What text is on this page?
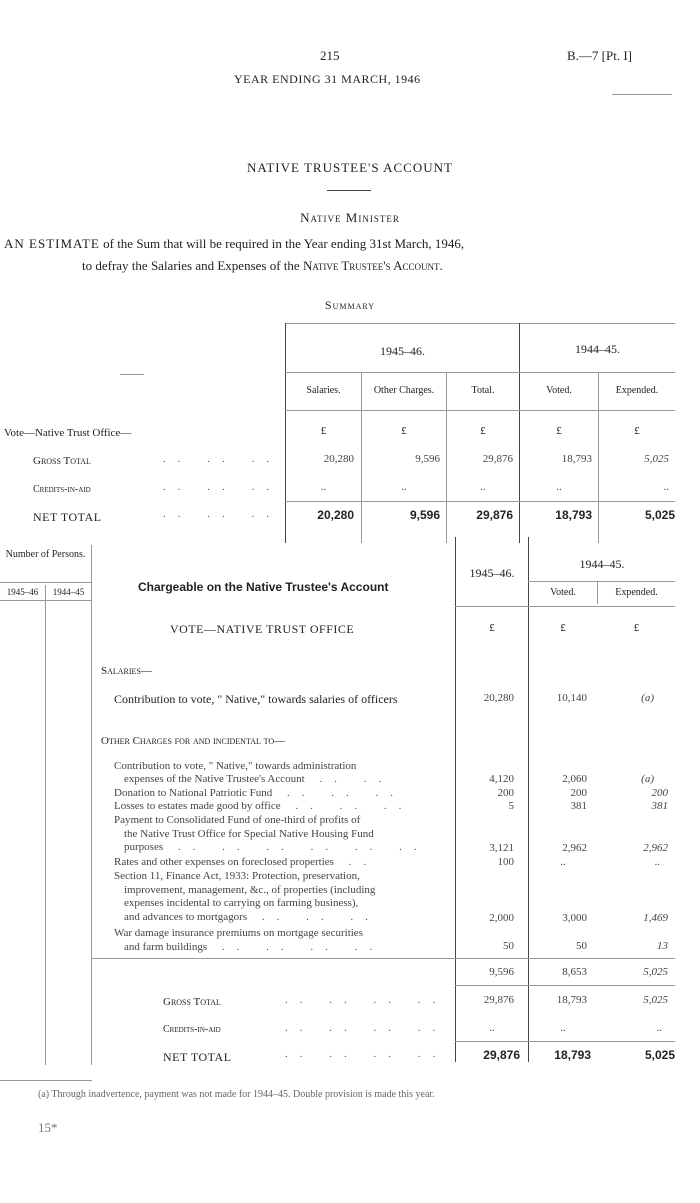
215	B.—7 [Pt. I]
YEAR ENDING 31 MARCH, 1946
NATIVE TRUSTEE'S ACCOUNT
Native Minister
AN ESTIMATE of the Sum that will be required in the Year ending 31st March, 1946,
to defray the Salaries and Expenses of the Native Trustee's Account.
Summary
1945–46.	1944–45.
Salaries.	Other Charges.	Total.	Voted.	Expended.
Vote—Native Trust Office—	£	£	£	£	£
Gross Total	.. .. ..	20,280	9,596	29,876	18,793	5,025
Credits-in-aid	.. .. ..	..	..	..	..	..
NET TOTAL	.. .. ..	20,280	9,596	29,876	18,793	5,025
Number of Persons.
1945–46	1944–45	Chargeable on the Native Trustee's Account
1945–46.
1944–45.
Voted.	Expended.
VOTE—NATIVE TRUST OFFICE	£	£	£
Salaries—
Contribution to vote, " Native," towards salaries of officers	20,280	10,140	(a)
Other Charges for and incidental to—
Contribution to vote, " Native," towards administration
expenses of the Native Trustee's Account .. ..	4,120	2,060	(a)
Donation to National Patriotic Fund .. .. ..	200	200	200
Losses to estates made good by office .. .. ..	5	381	381
Payment to Consolidated Fund of one-third of profits of
the Native Trust Office for Special Native Housing Fund
purposes .. .. .. .. .. ..	3,121	2,962	2,962
Rates and other expenses on foreclosed properties ..	100	..	..
Section 11, Finance Act, 1933: Protection, preservation,
improvement, management, &c., of properties (including
expenses incidental to carrying on farming business),
and advances to mortgagors .. .. ..	2,000	3,000	1,469
War damage insurance premiums on mortgage securities
and farm buildings .. .. .. ..	50	50	13
9,596	8,653	5,025
Gross Total	.. .. .. ..	29,876	18,793	5,025
Credits-in-aid	.. .. .. ..	..	..	..
NET TOTAL	.. .. .. ..	29,876	18,793	5,025
(a) Through inadvertence, payment was not made for 1944–45. Double provision is made this year.
15*
